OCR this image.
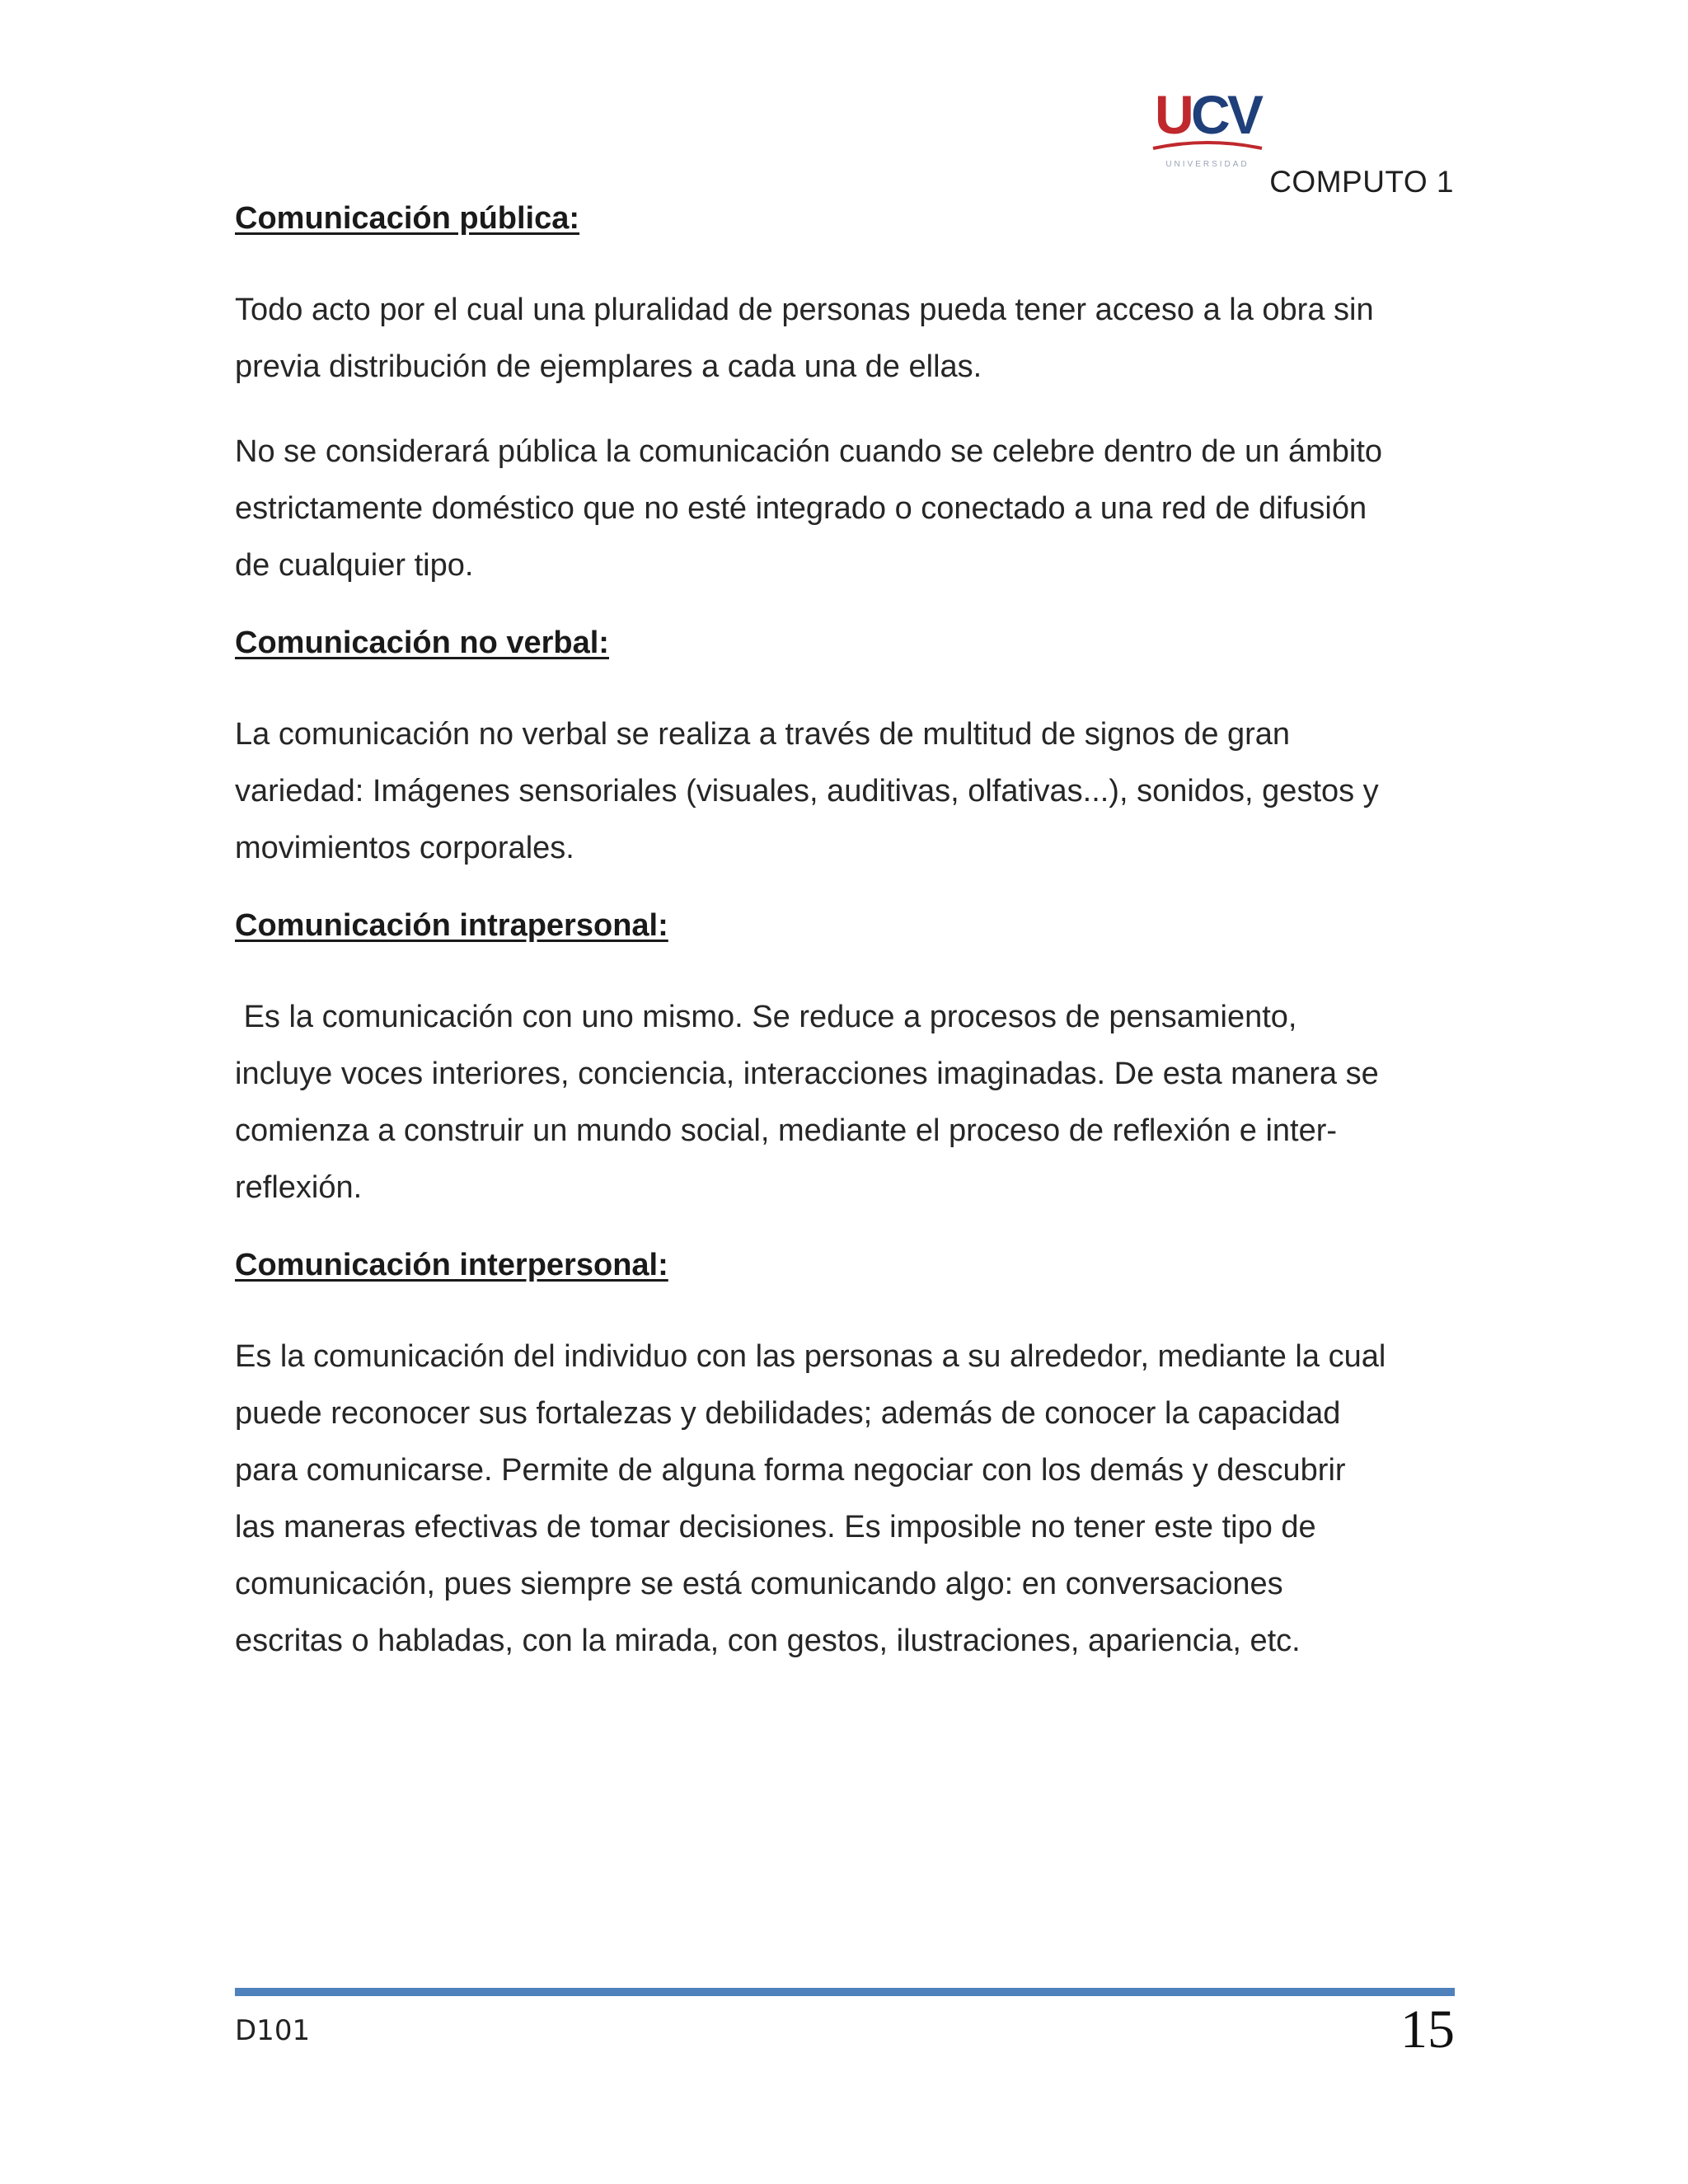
U
C
V
UNIVERSIDAD
COMPUTO 1
Comunicación pública:

Todo acto por el cual una pluralidad de personas pueda tener acceso a la obra sin
previa distribución de ejemplares a cada una de ellas.

No se considerará pública la comunicación cuando se celebre dentro de un ámbito
estrictamente doméstico que no esté integrado o conectado a una red de difusión
de cualquier tipo.

Comunicación no verbal:

La comunicación no verbal se realiza a través de multitud de signos de gran
variedad: Imágenes sensoriales (visuales, auditivas, olfativas...), sonidos, gestos y
movimientos corporales.

Comunicación intrapersonal:

Es la comunicación con uno mismo. Se reduce a procesos de pensamiento,
incluye voces interiores, conciencia, interacciones imaginadas. De esta manera se
comienza a construir un mundo social, mediante el proceso de reflexión e inter-
reflexión.

Comunicación interpersonal:

Es la comunicación del individuo con las personas a su alrededor, mediante la cual
puede reconocer sus fortalezas y debilidades; además de conocer la capacidad
para comunicarse. Permite de alguna forma negociar con los demás y descubrir
las maneras efectivas de tomar decisiones. Es imposible no tener este tipo de
comunicación, pues siempre se está comunicando algo: en conversaciones
escritas o habladas, con la mirada, con gestos, ilustraciones, apariencia, etc.

D101	15
